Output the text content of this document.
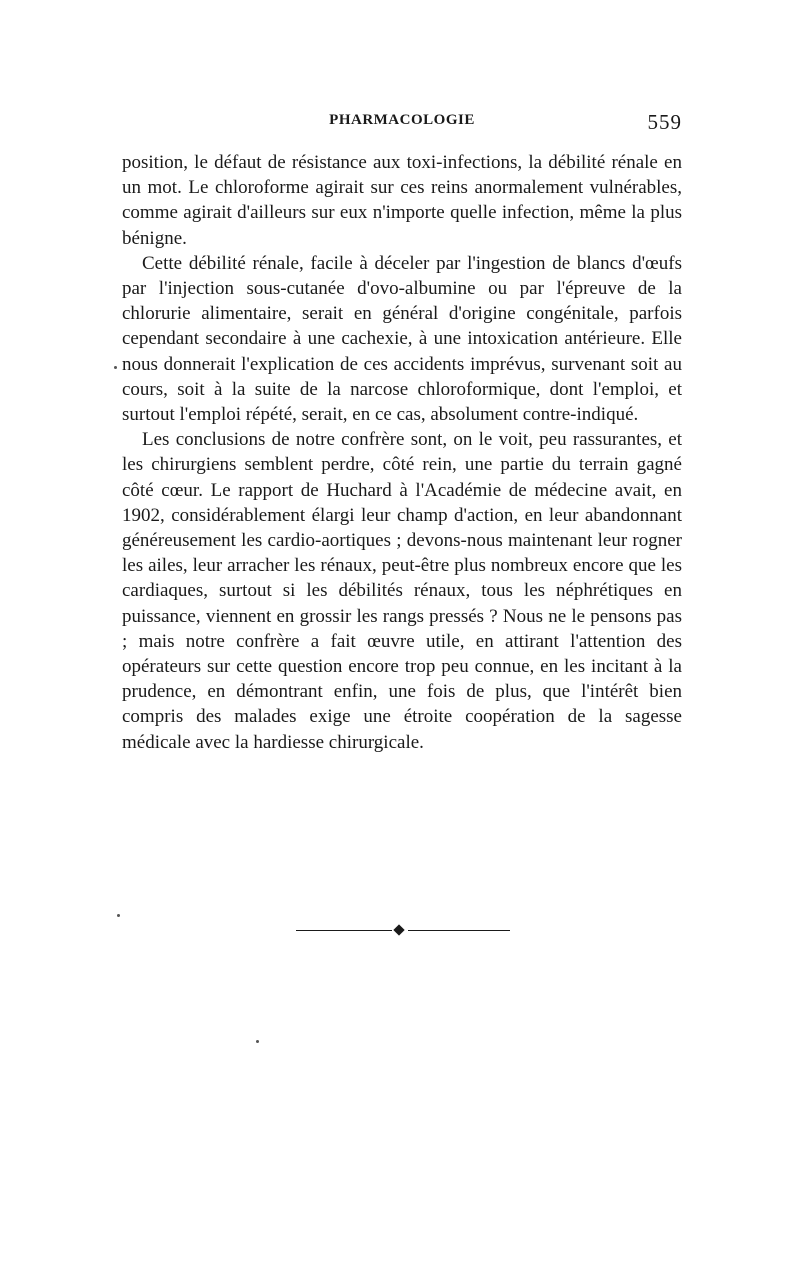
PHARMACOLOGIE	559

position, le défaut de résistance aux toxi-infections, la débilité rénale en un mot. Le chloroforme agirait sur ces reins anormalement vulnérables, comme agirait d'ailleurs sur eux n'importe quelle infection, même la plus bénigne.

Cette débilité rénale, facile à déceler par l'ingestion de blancs d'œufs par l'injection sous-cutanée d'ovo-albumine ou par l'épreuve de la chlorurie alimentaire, serait en général d'origine congénitale, parfois cependant secondaire à une cachexie, à une intoxication antérieure. Elle nous donnerait l'explication de ces accidents imprévus, survenant soit au cours, soit à la suite de la narcose chloroformique, dont l'emploi, et surtout l'emploi répété, serait, en ce cas, absolument contre-indiqué.

Les conclusions de notre confrère sont, on le voit, peu rassurantes, et les chirurgiens semblent perdre, côté rein, une partie du terrain gagné côté cœur. Le rapport de Huchard à l'Académie de médecine avait, en 1902, considérablement élargi leur champ d'action, en leur abandonnant généreusement les cardio-aortiques ; devons-nous maintenant leur rogner les ailes, leur arracher les rénaux, peut-être plus nombreux encore que les cardiaques, surtout si les débilités rénaux, tous les néphrétiques en puissance, viennent en grossir les rangs pressés ? Nous ne le pensons pas ; mais notre confrère a fait œuvre utile, en attirant l'attention des opérateurs sur cette question encore trop peu connue, en les incitant à la prudence, en démontrant enfin, une fois de plus, que l'intérêt bien compris des malades exige une étroite coopération de la sagesse médicale avec la hardiesse chirurgicale.
